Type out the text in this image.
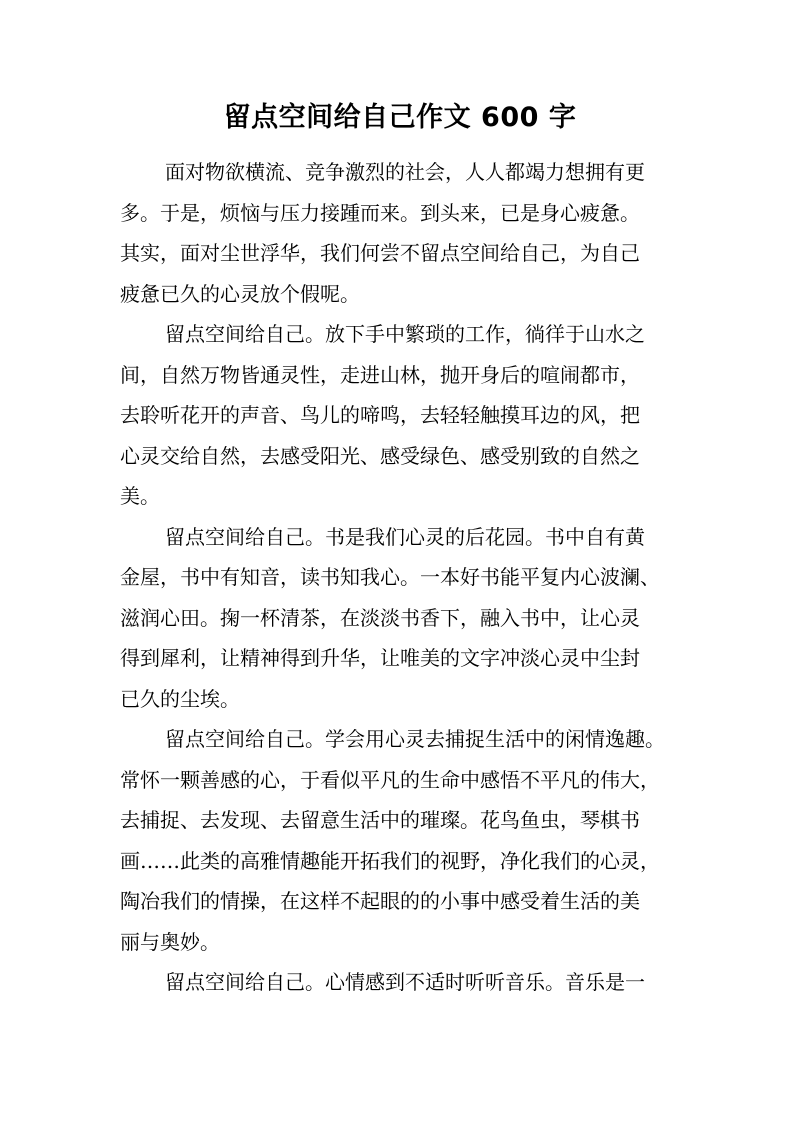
留点空间给自己作文 600 字
面对物欲横流、竞争激烈的社会，人人都竭力想拥有更
多。于是，烦恼与压力接踵而来。到头来，已是身心疲惫。
其实，面对尘世浮华，我们何尝不留点空间给自己，为自己
疲惫已久的心灵放个假呢。
留点空间给自己。放下手中繁琐的工作，徜徉于山水之
间，自然万物皆通灵性，走进山林，抛开身后的喧闹都市，
去聆听花开的声音、鸟儿的啼鸣，去轻轻触摸耳边的风，把
心灵交给自然，去感受阳光、感受绿色、感受别致的自然之
美。
留点空间给自己。书是我们心灵的后花园。书中自有黄
金屋，书中有知音，读书知我心。一本好书能平复内心波澜、
滋润心田。掬一杯清茶，在淡淡书香下，融入书中，让心灵
得到犀利，让精神得到升华，让唯美的文字冲淡心灵中尘封
已久的尘埃。
留点空间给自己。学会用心灵去捕捉生活中的闲情逸趣。
常怀一颗善感的心，于看似平凡的生命中感悟不平凡的伟大，
去捕捉、去发现、去留意生活中的璀璨。花鸟鱼虫，琴棋书
画……此类的高雅情趣能开拓我们的视野，净化我们的心灵，
陶冶我们的情操，在这样不起眼的的小事中感受着生活的美
丽与奥妙。
留点空间给自己。心情感到不适时听听音乐。音乐是一
